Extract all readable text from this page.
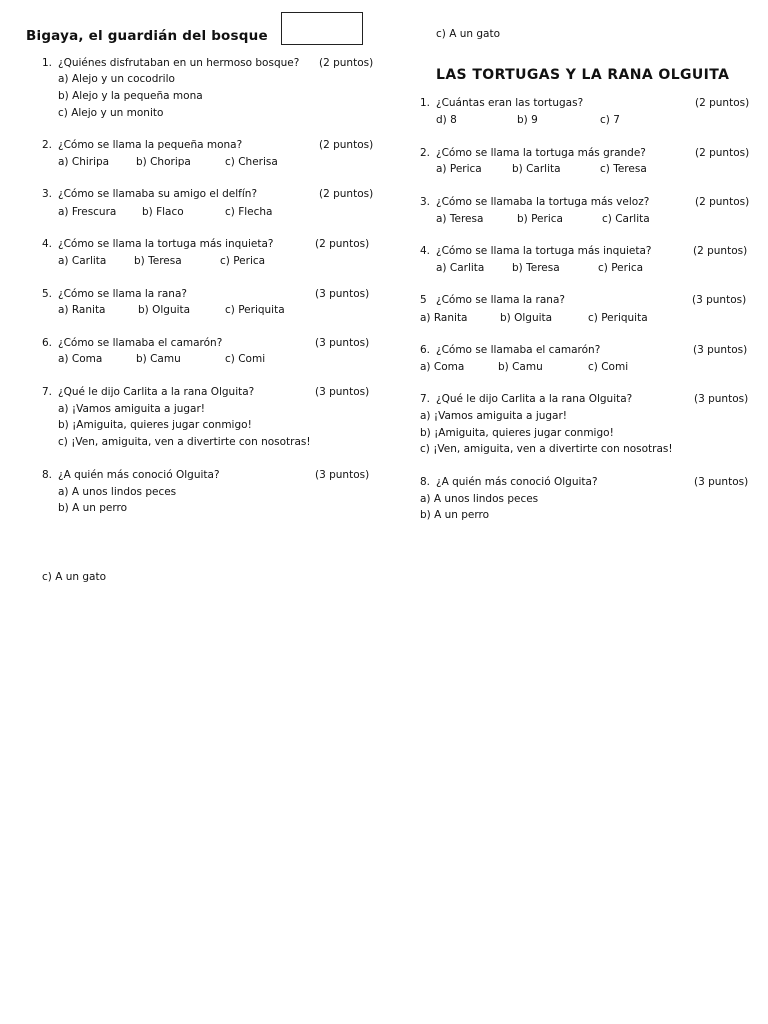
Bigaya, el guardián del bosque
1. ¿Quiénes disfrutaban en un hermoso bosque? (2 puntos)
a) Alejo y un cocodrilo
b) Alejo y la pequeña mona
c) Alejo y un monito
2. ¿Cómo se llama la pequeña mona?	(2 puntos)
a) Chiripa	b) Choripa	c) Cherisa
3. ¿Cómo se llamaba su amigo el delfín?	(2 puntos)
a) Frescura b) Flaco	c) Flecha
4. ¿Cómo se llama la tortuga más inquieta?	(2 puntos)
a) Carlita	b) Teresa	c) Perica
5. ¿Cómo se llama la rana?	(3 puntos)
a) Ranita	b) Olguita	c) Periquita
6. ¿Cómo se llamaba el camarón?	(3 puntos)
a) Coma	b) Camu	c) Comi
7. ¿Qué le dijo Carlita a la rana Olguita?	(3 puntos)
a) ¡Vamos amiguita a jugar!
b) ¡Amiguita, quieres jugar conmigo!
c) ¡Ven, amiguita, ven a divertirte con nosotras!
8. ¿A quién más conoció Olguita?	(3 puntos)
a) A unos lindos peces
b) A un perro
c) A un gato
c) A un gato
LAS TORTUGAS Y LA RANA OLGUITA
1. ¿Cuántas eran las tortugas?	(2 puntos)
d) 8	b) 9	c) 7
2. ¿Cómo se llama la tortuga más grande?	(2 puntos)
a) Perica	b) Carlita	c) Teresa
3. ¿Cómo se llamaba la tortuga más veloz?	(2 puntos)
a) Teresa	b) Perica	c) Carlita
4. ¿Cómo se llama la tortuga más inquieta?	(2 puntos)
a) Carlita	b) Teresa	c) Perica
5 ¿Cómo se llama la rana?	(3 puntos)
a) Ranita	b) Olguita	c) Periquita
6. ¿Cómo se llamaba el camarón?	(3 puntos)
a) Coma	b) Camu	c) Comi
7. ¿Qué le dijo Carlita a la rana Olguita?	(3 puntos)
a) ¡Vamos amiguita a jugar!
b) ¡Amiguita, quieres jugar conmigo!
c) ¡Ven, amiguita, ven a divertirte con nosotras!
8. ¿A quién más conoció Olguita?	(3 puntos)
a) A unos lindos peces
b) A un perro
